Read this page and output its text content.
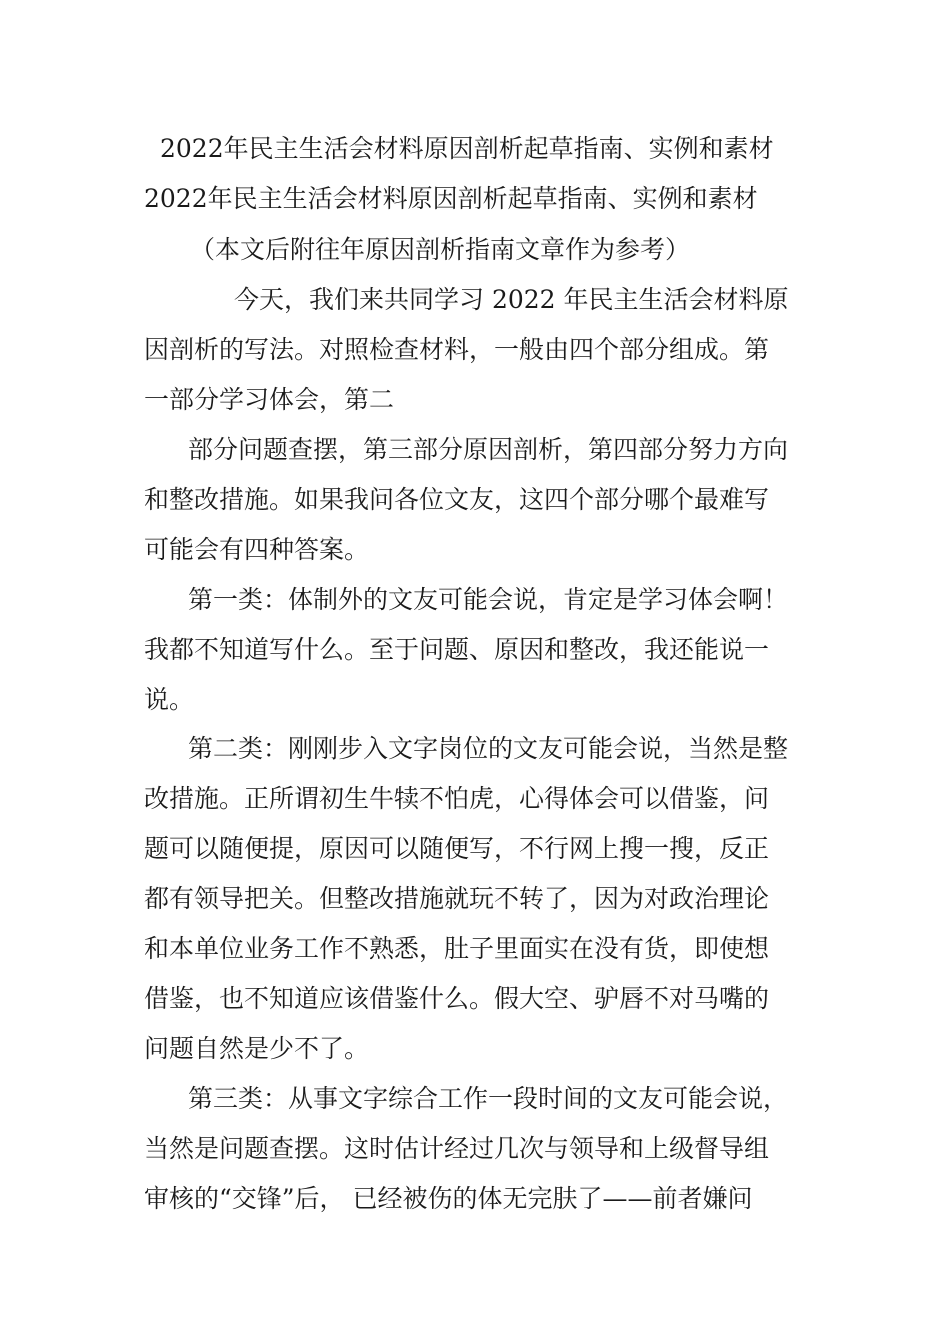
2022年民主生活会材料原因剖析起草指南、实例和素材
2022年民主生活会材料原因剖析起草指南、实例和素材
（本文后附往年原因剖析指南文章作为参考）
今天，我们来共同学习 2022 年民主生活会材料原
因剖析的写法。对照检查材料，一般由四个部分组成。第
一部分学习体会，第二
部分问题查摆，第三部分原因剖析，第四部分努力方向
和整改措施。如果我问各位文友，这四个部分哪个最难写
可能会有四种答案。
第一类：体制外的文友可能会说，肯定是学习体会啊！
我都不知道写什么。至于问题、原因和整改，我还能说一
说。
第二类：刚刚步入文字岗位的文友可能会说，当然是整
改措施。正所谓初生牛犊不怕虎，心得体会可以借鉴，问
题可以随便提，原因可以随便写，不行网上搜一搜，反正
都有领导把关。但整改措施就玩不转了，因为对政治理论
和本单位业务工作不熟悉，肚子里面实在没有货，即使想
借鉴，也不知道应该借鉴什么。假大空、驴唇不对马嘴的
问题自然是少不了。
第三类：从事文字综合工作一段时间的文友可能会说，
当然是问题查摆。这时估计经过几次与领导和上级督导组
审核的“交锋”后， 已经被伤的体无完肤了——前者嫌问
